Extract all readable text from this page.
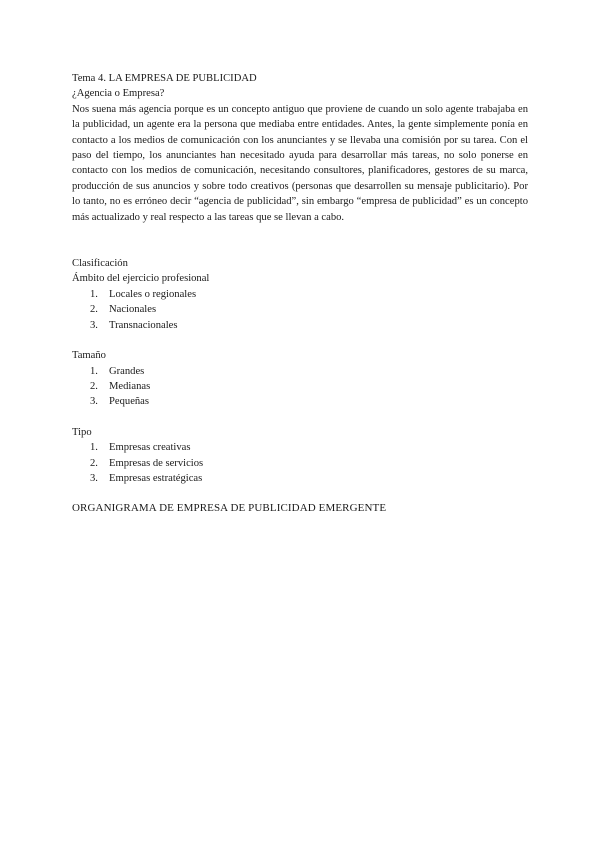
Tema 4. LA EMPRESA DE PUBLICIDAD

¿Agencia o Empresa?

Nos suena más agencia porque es un concepto antiguo que proviene de cuando un solo agente trabajaba en la publicidad, un agente era la persona que mediaba entre entidades. Antes, la gente simplemente ponía en contacto a los medios de comunicación con los anunciantes y se llevaba una comisión por su tarea. Con el paso del tiempo, los anunciantes han necesitado ayuda para desarrollar más tareas, no solo ponerse en contacto con los medios de comunicación, necesitando consultores, planificadores, gestores de su marca, producción de sus anuncios y sobre todo creativos (personas que desarrollen su mensaje publicitario). Por lo tanto, no es erróneo decir “agencia de publicidad”, sin embargo “empresa de publicidad” es un concepto más actualizado y real respecto a las tareas que se llevan a cabo.

Clasificación

Ámbito del ejercicio profesional

1.	Locales o regionales
2.	Nacionales
3.	Transnacionales

Tamaño

1.	Grandes
2.	Medianas
3.	Pequeñas

Tipo

1.	Empresas creativas
2.	Empresas de servicios
3.	Empresas estratégicas

ORGANIGRAMA DE EMPRESA DE PUBLICIDAD EMERGENTE
